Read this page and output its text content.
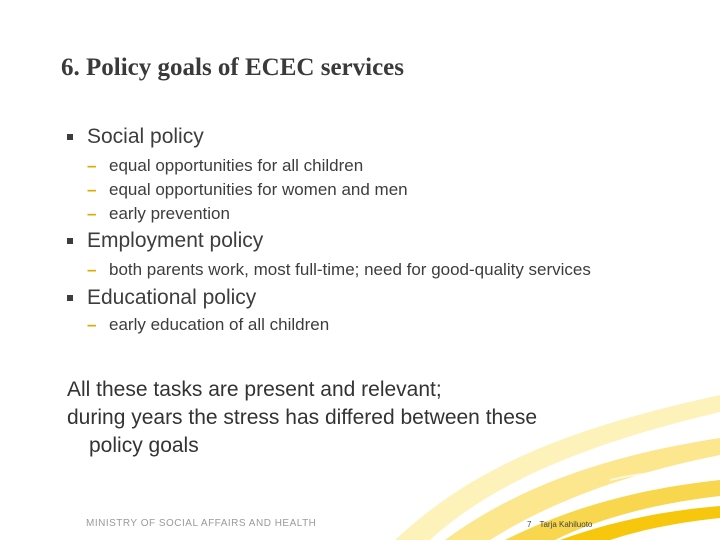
6. Policy goals of ECEC services
Social policy
– equal opportunities for all children
– equal opportunities for women and men
– early prevention
Employment policy
– both parents work, most full-time; need for good-quality services
Educational policy
– early education of all children

All these tasks are present and relevant;
during years the stress has differed between these

policy goals

MINISTRY OF SOCIAL AFFAIRS AND HEALTH	7 Tarja Kahiluoto
